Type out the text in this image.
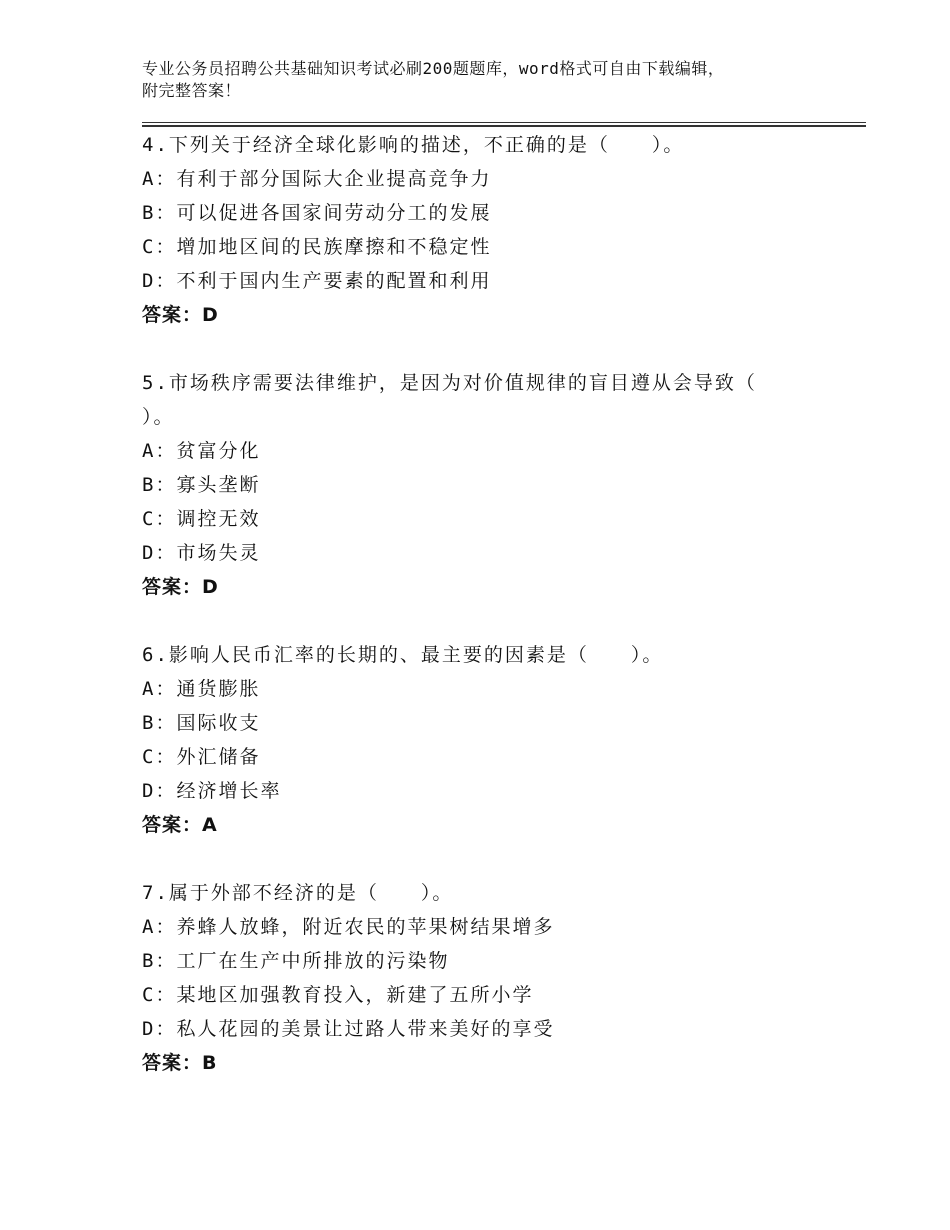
专业公务员招聘公共基础知识考试必刷200题题库，word格式可自由下载编辑，
附完整答案！
4.下列关于经济全球化影响的描述，不正确的是（　　）。
A：有利于部分国际大企业提高竞争力
B：可以促进各国家间劳动分工的发展
C：增加地区间的民族摩擦和不稳定性
D：不利于国内生产要素的配置和利用
答案：D
5.市场秩序需要法律维护，是因为对价值规律的盲目遵从会导致（
）。
A：贫富分化
B：寡头垄断
C：调控无效
D：市场失灵
答案：D
6.影响人民币汇率的长期的、最主要的因素是（　　）。
A：通货膨胀
B：国际收支
C：外汇储备
D：经济增长率
答案：A
7.属于外部不经济的是（　　）。
A：养蜂人放蜂，附近农民的苹果树结果增多
B：工厂在生产中所排放的污染物
C：某地区加强教育投入，新建了五所小学
D：私人花园的美景让过路人带来美好的享受
答案：B
